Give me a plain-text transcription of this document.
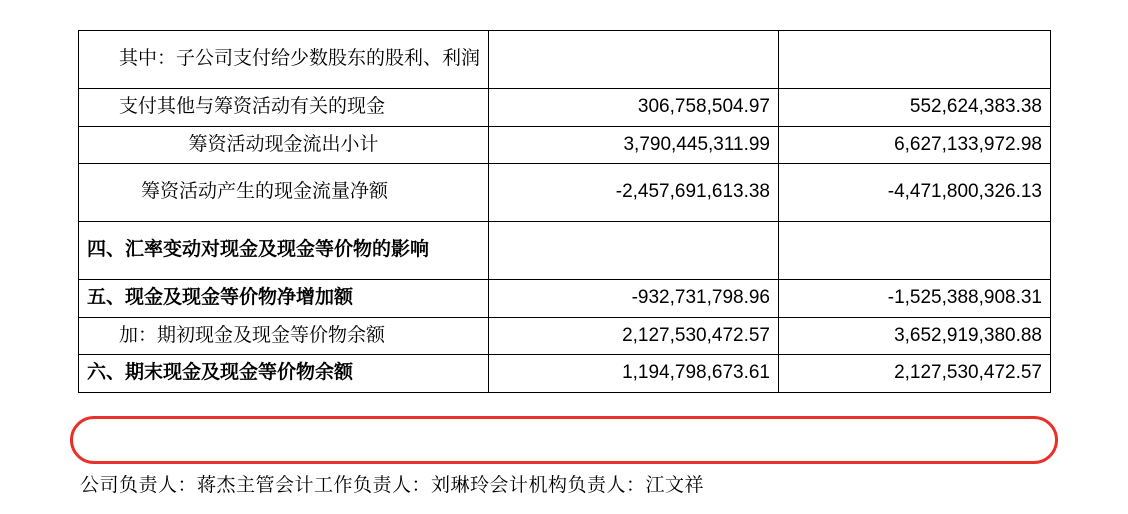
其中：子公司支付给少数股东的股利、利润		
支付其他与筹资活动有关的现金	306,758,504.97	552,624,383.38
筹资活动现金流出小计	3,790,445,311.99	6,627,133,972.98
筹资活动产生的现金流量净额	-2,457,691,613.38	-4,471,800,326.13
四、汇率变动对现金及现金等价物的影响		
五、现金及现金等价物净增加额	-932,731,798.96	-1,525,388,908.31
加：期初现金及现金等价物余额	2,127,530,472.57	3,652,919,380.88
六、期末现金及现金等价物余额	1,194,798,673.61	2,127,530,472.57
公司负责人：蒋杰主管会计工作负责人：刘琳玲会计机构负责人：江文祥
